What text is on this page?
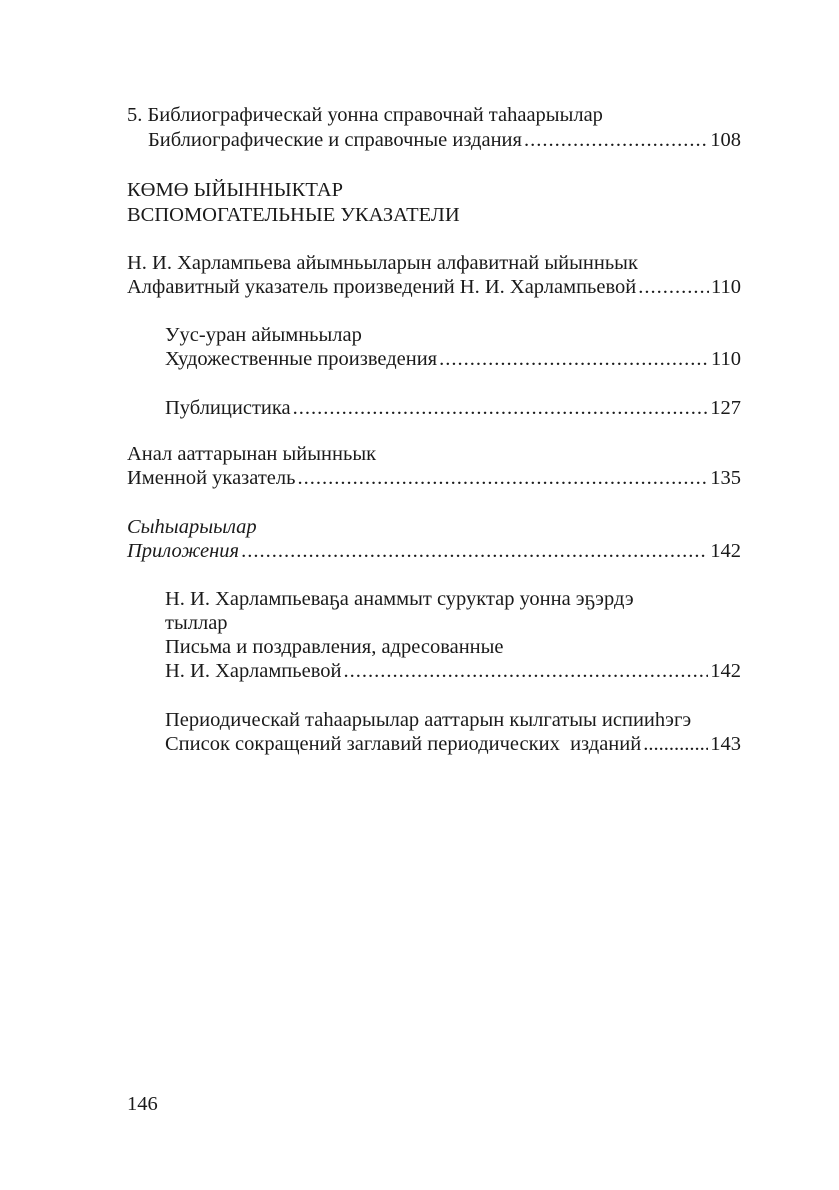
5. Библиографическай уонна справочнай таhаарыылар
Библиографические и справочные издания .....	108
КӨМӨ ЫЙЫННЫКТАР
ВСПОМОГАТЕЛЬНЫЕ УКАЗАТЕЛИ
Н. И. Харлампьева айымньыларын алфавитнай ыйынньык
Алфавитный указатель произведений Н. И. Харлампьевой .....	110
Уус-уран айымньылар
Художественные произведения .....	110
Публицистика .....	127
Анал ааттарынан ыйынньык
Именной указатель .....	135
Сыhыарыылар
Приложения .....	142
Н. И. Харлампьеваҕа анаммыт суруктар уонна эҕэрдэ
тыллар
Письма и поздравления, адресованные
Н. И. Харлампьевой .....	142
Периодическай таhаарыылар ааттарын кылгатыы испииhэгэ
Список сокращений заглавий периодических  изданий .....	143
146
